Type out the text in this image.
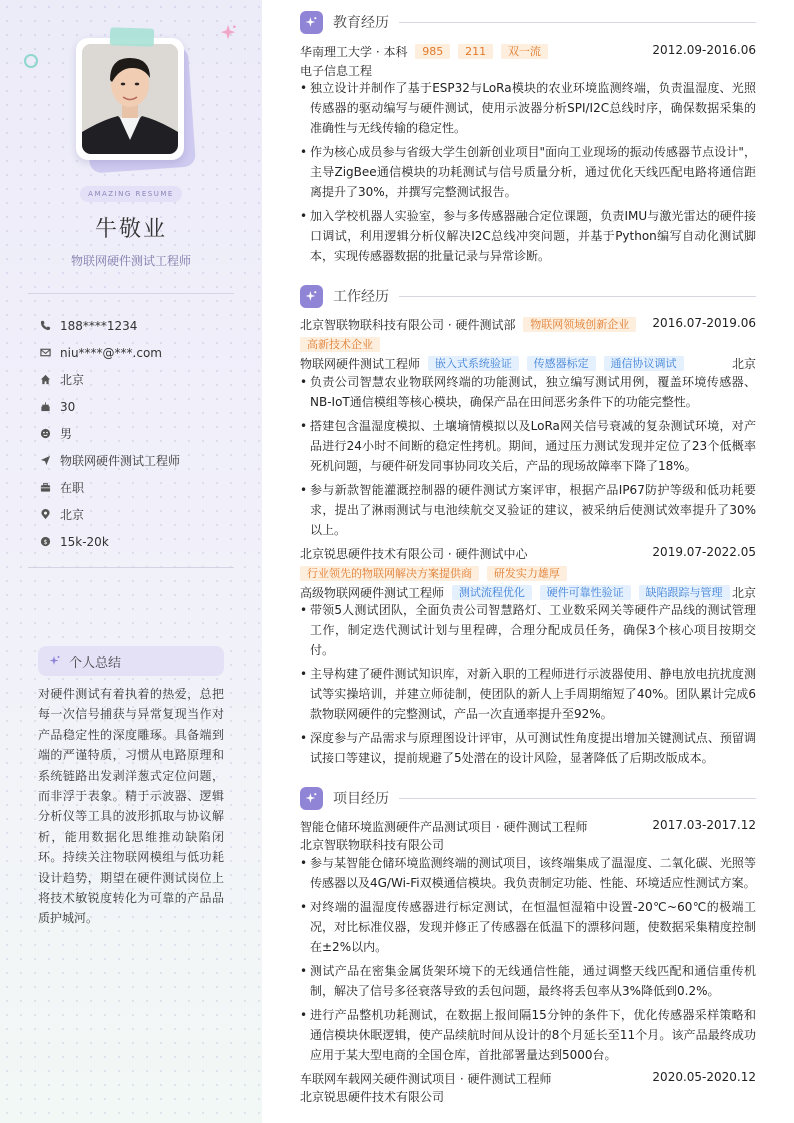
AMAZING RESUME
牛敬业
物联网硬件测试工程师
188****1234
niu****@***.com
北京
30
男
物联网硬件测试工程师
在职
北京
$ 15k-20k
个人总结
对硬件测试有着执着的热爱，总把每一次信号捕获与异常复现当作对产品稳定性的深度雕琢。具备端到端的严谨特质，习惯从电路原理和系统链路出发剥洋葱式定位问题，而非浮于表象。精于示波器、逻辑分析仪等工具的波形抓取与协议解析，能用数据化思维推动缺陷闭环。持续关注物联网模组与低功耗设计趋势，期望在硬件测试岗位上将技术敏锐度转化为可靠的产品品质护城河。
教育经历
华南理工大学 · 本科 985 211 双一流	2012.09-2016.06
电子信息工程
• 独立设计并制作了基于ESP32与LoRa模块的农业环境监测终端，负责温湿度、光照传感器的驱动编写与硬件测试，使用示波器分析SPI/I2C总线时序，确保数据采集的准确性与无线传输的稳定性。
• 作为核心成员参与省级大学生创新创业项目"面向工业现场的振动传感器节点设计"，主导ZigBee通信模块的功耗测试与信号质量分析，通过优化天线匹配电路将通信距离提升了30%，并撰写完整测试报告。
• 加入学校机器人实验室，参与多传感器融合定位课题，负责IMU与激光雷达的硬件接口调试，利用逻辑分析仪解决I2C总线冲突问题，并基于Python编写自动化测试脚本，实现传感器数据的批量记录与异常诊断。
工作经历
北京智联物联科技有限公司 · 硬件测试部 物联网领域创新企业 2016.07-2019.06
高新技术企业
物联网硬件测试工程师 嵌入式系统验证 传感器标定 通信协议调试	北京
• 负责公司智慧农业物联网终端的功能测试，独立编写测试用例，覆盖环境传感器、NB-IoT通信模组等核心模块，确保产品在田间恶劣条件下的功能完整性。
• 搭建包含温湿度模拟、土壤墒情模拟以及LoRa网关信号衰减的复杂测试环境，对产品进行24小时不间断的稳定性拷机。期间，通过压力测试发现并定位了23个低概率死机问题，与硬件研发同事协同攻关后，产品的现场故障率下降了18%。
• 参与新款智能灌溉控制器的硬件测试方案评审，根据产品IP67防护等级和低功耗要求，提出了淋雨测试与电池续航交叉验证的建议，被采纳后使测试效率提升了30%以上。
北京锐思硬件技术有限公司 · 硬件测试中心	2019.07-2022.05
行业领先的物联网解决方案提供商 研发实力雄厚
高级物联网硬件测试工程师 测试流程优化 硬件可靠性验证 缺陷跟踪与管理 北京
• 带领5人测试团队，全面负责公司智慧路灯、工业数采网关等硬件产品线的测试管理工作，制定迭代测试计划与里程碑，合理分配成员任务，确保3个核心项目按期交付。
• 主导构建了硬件测试知识库，对新入职的工程师进行示波器使用、静电放电抗扰度测试等实操培训，并建立师徒制，使团队的新人上手周期缩短了40%。团队累计完成6款物联网硬件的完整测试，产品一次直通率提升至92%。
• 深度参与产品需求与原理图设计评审，从可测试性角度提出增加关键测试点、预留调试接口等建议，提前规避了5处潜在的设计风险，显著降低了后期改版成本。
项目经历
智能仓储环境监测硬件产品测试项目 · 硬件测试工程师	2017.03-2017.12
北京智联物联科技有限公司
• 参与某智能仓储环境监测终端的测试项目，该终端集成了温湿度、二氧化碳、光照等传感器以及4G/Wi-Fi双模通信模块。我负责制定功能、性能、环境适应性测试方案。
• 对终端的温湿度传感器进行标定测试，在恒温恒湿箱中设置-20℃~60℃的极端工况，对比标准仪器，发现并修正了传感器在低温下的漂移问题，使数据采集精度控制在±2%以内。
• 测试产品在密集金属货架环境下的无线通信性能，通过调整天线匹配和通信重传机制，解决了信号多径衰落导致的丢包问题，最终将丢包率从3%降低到0.2%。
• 进行产品整机功耗测试，在数据上报间隔15分钟的条件下，优化传感器采样策略和通信模块休眠逻辑，使产品续航时间从设计的8个月延长至11个月。该产品最终成功应用于某大型电商的全国仓库，首批部署量达到5000台。
车联网车载网关硬件测试项目 · 硬件测试工程师	2020.05-2020.12
北京锐思硬件技术有限公司
